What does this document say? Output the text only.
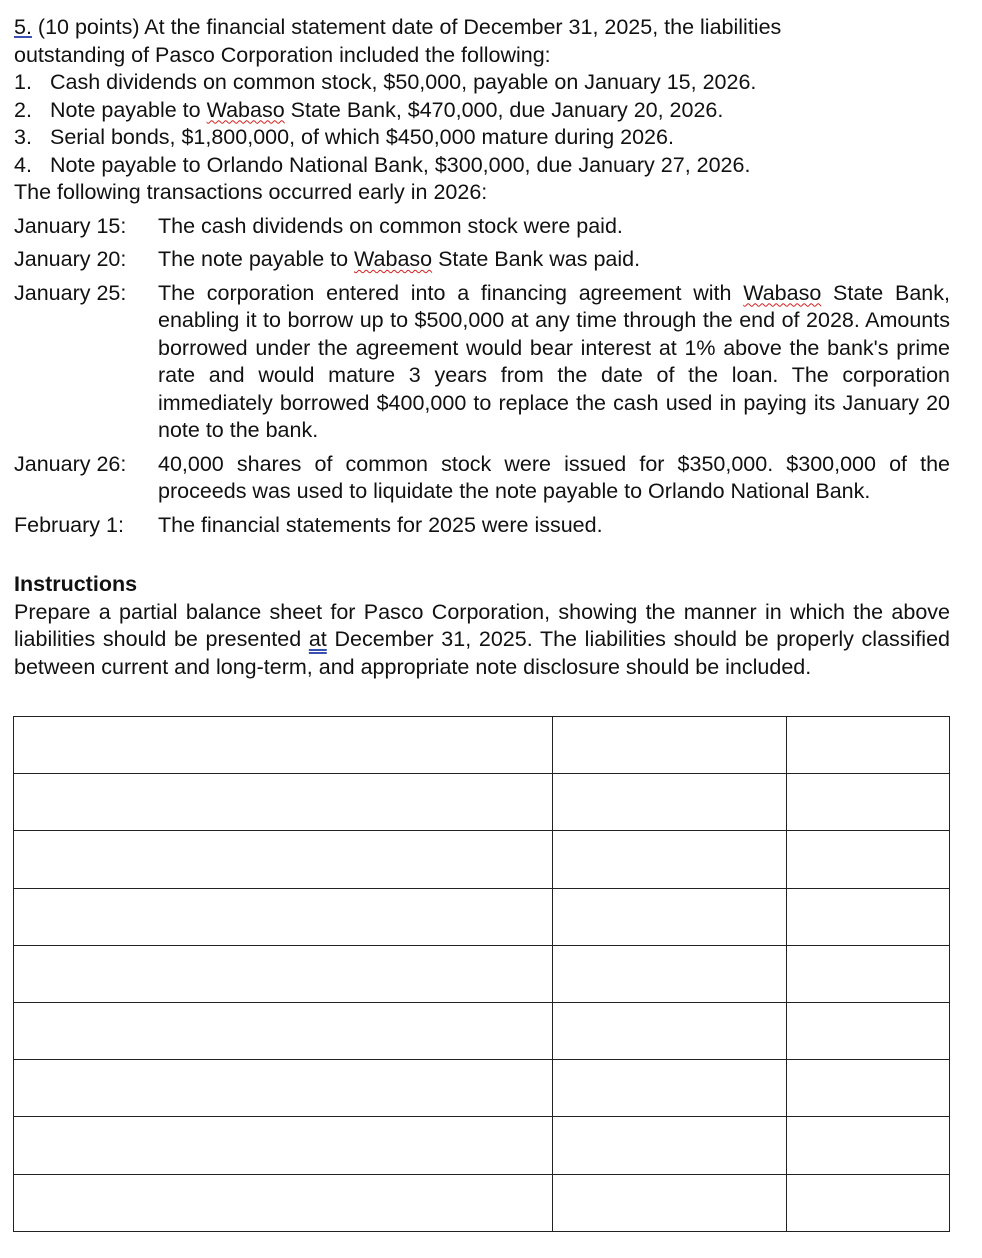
5. (10 points) At the financial statement date of December 31, 2025, the liabilities
outstanding of Pasco Corporation included the following:
1. Cash dividends on common stock, $50,000, payable on January 15, 2026.
2. Note payable to Wabaso State Bank, $470,000, due January 20, 2026.
3. Serial bonds, $1,800,000, of which $450,000 mature during 2026.
4. Note payable to Orlando National Bank, $300,000, due January 27, 2026.
The following transactions occurred early in 2026:
January 15:	The cash dividends on common stock were paid.
January 20:	The note payable to Wabaso State Bank was paid.
January 25:	The corporation entered into a financing agreement with Wabaso State Bank, enabling it to borrow up to $500,000 at any time through the end of 2028. Amounts borrowed under the agreement would bear interest at 1% above the bank's prime rate and would mature 3 years from the date of the loan. The corporation immediately borrowed $400,000 to replace the cash used in paying its January 20 note to the bank.
January 26:	40,000 shares of common stock were issued for $350,000. $300,000 of the proceeds was used to liquidate the note payable to Orlando National Bank.
February 1:	The financial statements for 2025 were issued.
Instructions
Prepare a partial balance sheet for Pasco Corporation, showing the manner in which the above liabilities should be presented at December 31, 2025. The liabilities should be properly classified between current and long-term, and appropriate note disclosure should be included.
